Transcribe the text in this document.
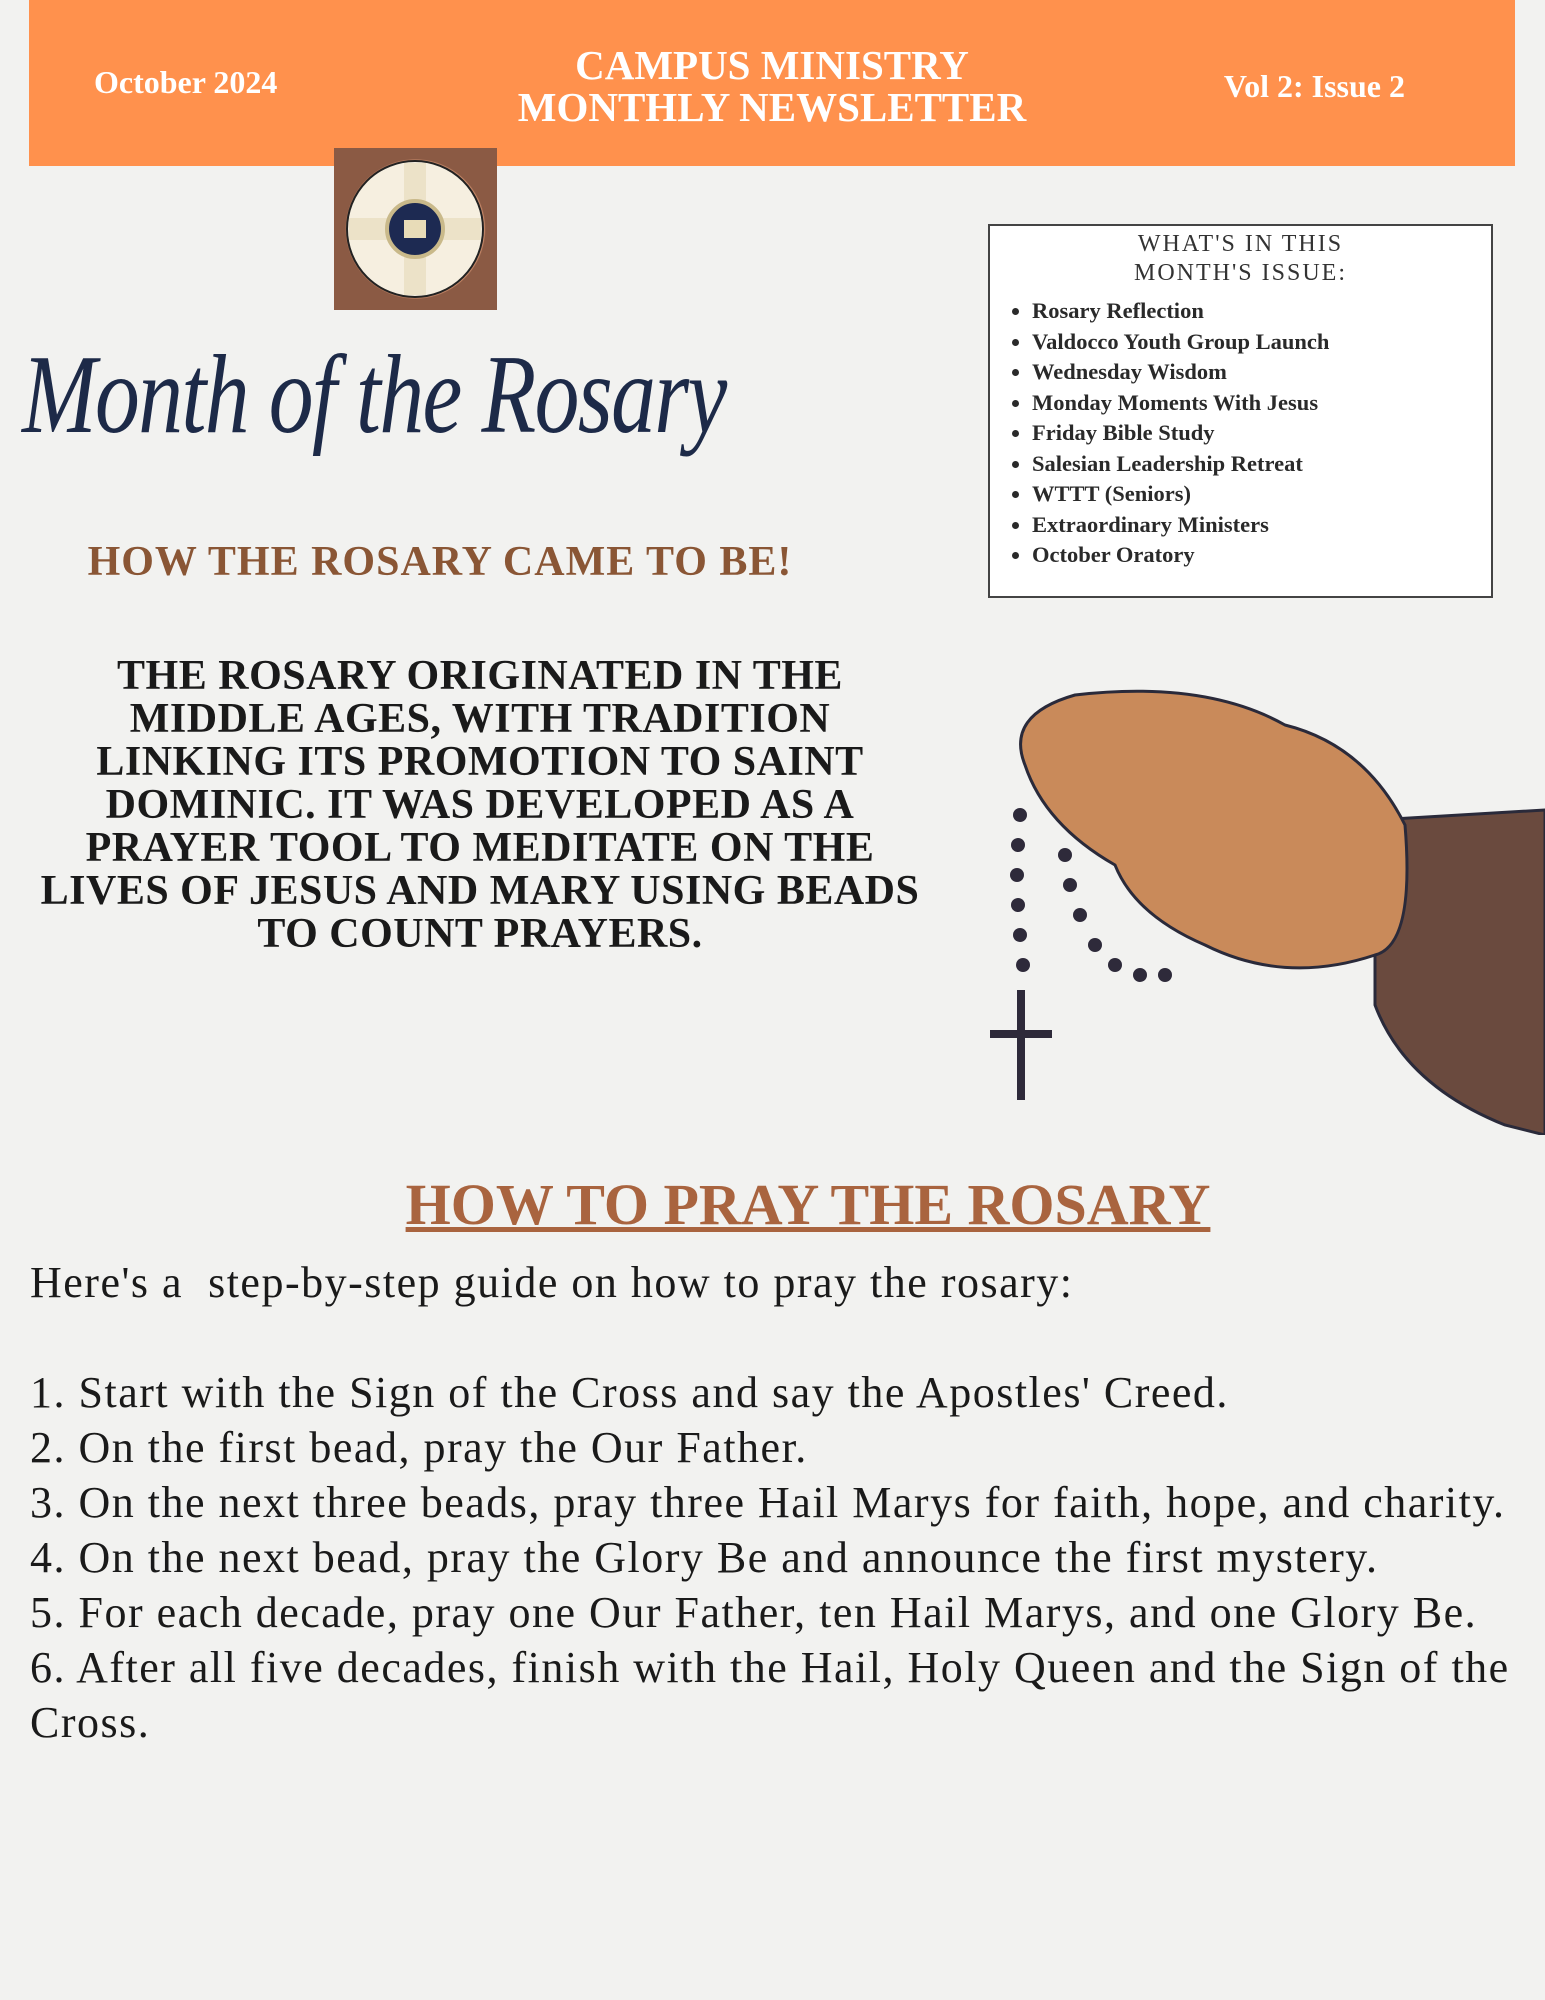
October 2024	CAMPUS MINISTRY
MONTHLY NEWSLETTER	Vol 2: Issue 2
WHAT'S IN THIS
MONTH'S ISSUE:
• Rosary Reflection
• Valdocco Youth Group Launch
• Wednesday Wisdom
• Monday Moments With Jesus
• Friday Bible Study
• Salesian Leadership Retreat
• WTTT (Seniors)
• Extraordinary Ministers
• October Oratory
Month of the Rosary
HOW THE ROSARY CAME TO BE!
THE ROSARY ORIGINATED IN THE MIDDLE AGES, WITH TRADITION LINKING ITS PROMOTION TO SAINT DOMINIC. IT WAS DEVELOPED AS A PRAYER TOOL TO MEDITATE ON THE LIVES OF JESUS AND MARY USING BEADS TO COUNT PRAYERS.
HOW TO PRAY THE ROSARY
Here's a  step-by-step guide on how to pray the rosary:
1. Start with the Sign of the Cross and say the Apostles' Creed.
2. On the first bead, pray the Our Father.
3. On the next three beads, pray three Hail Marys for faith, hope, and charity.
4. On the next bead, pray the Glory Be and announce the first mystery.
5. For each decade, pray one Our Father, ten Hail Marys, and one Glory Be.
6. After all five decades, finish with the Hail, Holy Queen and the Sign of the Cross.
